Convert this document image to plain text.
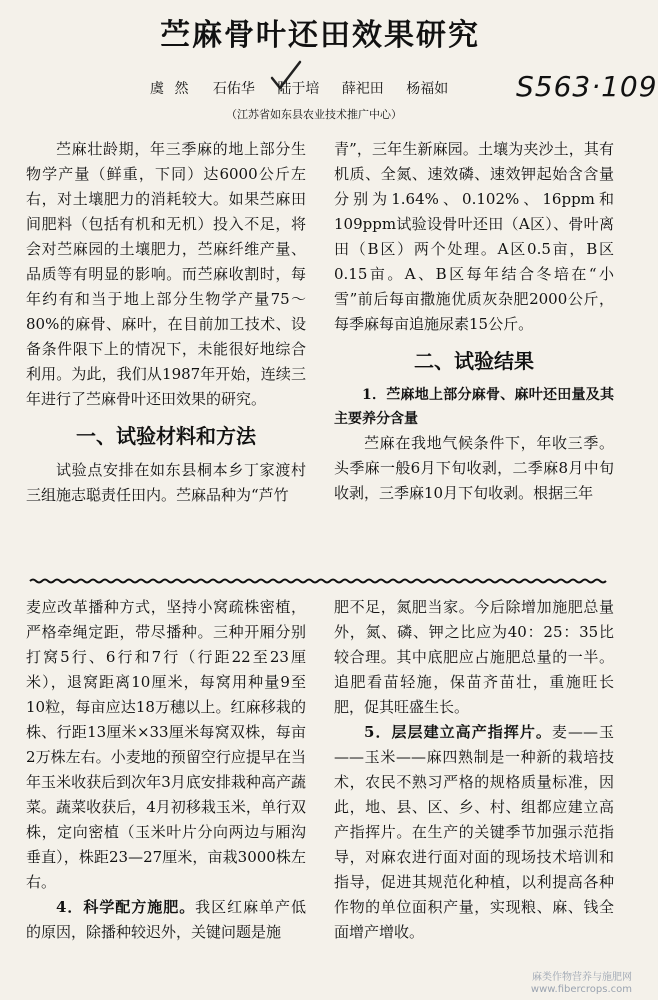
苎麻骨叶还田效果研究
虞 然 石佑华 陆于培 薛祀田 杨福如
（江苏省如东县农业技术推广中心）
S563·109

苎麻壮龄期，年三季麻的地上部分生物学产量（鲜重，下同）达6000公斤左右，对土壤肥力的消耗较大。如果苎麻田间肥料（包括有机和无机）投入不足，将会对苎麻园的土壤肥力，苎麻纤维产量、品质等有明显的影响。而苎麻收割时，每年约有和当于地上部分生物学产量75～80%的麻骨、麻叶，在目前加工技术、设备条件限下上的情况下，未能很好地综合利用。为此，我们从1987年开始，连续三年进行了苎麻骨叶还田效果的研究。

一、试验材料和方法

试验点安排在如东县桐本乡丁家渡村三组施志聪责任田内。苎麻品种为“芦竹

青”，三年生新麻园。土壤为夹沙土，其有机质、全氮、速效磷、速效钾起始含含量分别为1.64%、0.102%、16ppm和109ppm试验设骨叶还田（A区）、骨叶离田（B区）两个处理。A区0.5亩，B区0.15亩。A、B区每年结合冬培在“小雪”前后每亩撒施优质灰杂肥2000公斤，每季麻每亩追施尿素15公斤。

二、试验结果
1．苎麻地上部分麻骨、麻叶还田量及其主要养分含量

苎麻在我地气候条件下，年收三季。头季麻一般6月下旬收剥，二季麻8月中旬收剥，三季麻10月下旬收剥。根据三年

麦应改革播种方式，坚持小窝疏株密植，严格牵绳定距，带尽播种。三种开厢分别打窝5行、6行和7行（行距22至23厘米），退窝距离10厘米，每窝用种量9至10粒，每亩应达18万穗以上。红麻移栽的株、行距13厘米×33厘米每窝双株，每亩2万株左右。小麦地的预留空行应提早在当年玉米收获后到次年3月底安排栽种高产蔬菜。蔬菜收获后，4月初移栽玉米，单行双株，定向密植（玉米叶片分向两边与厢沟垂直），株距23—27厘米，亩栽3000株左右。

4．科学配方施肥。我区红麻单产低的原因，除播种较迟外，关键问题是施

肥不足，氮肥当家。今后除增加施肥总量外，氮、磷、钾之比应为40：25：35比较合理。其中底肥应占施肥总量的一半。追肥看苗轻施，保苗齐苗壮，重施旺长肥，促其旺盛生长。

5．层层建立高产指挥片。麦——玉——玉米——麻四熟制是一种新的栽培技术，农民不熟习严格的规格质量标准，因此，地、县、区、乡、村、组都应建立高产指挥片。在生产的关键季节加强示范指导，对麻农进行面对面的现场技术培训和指导，促进其规范化种植，以利提高各种作物的单位面积产量，实现粮、麻、钱全面增产增收。

麻类作物营养与施肥网
www.fibercrops.com
